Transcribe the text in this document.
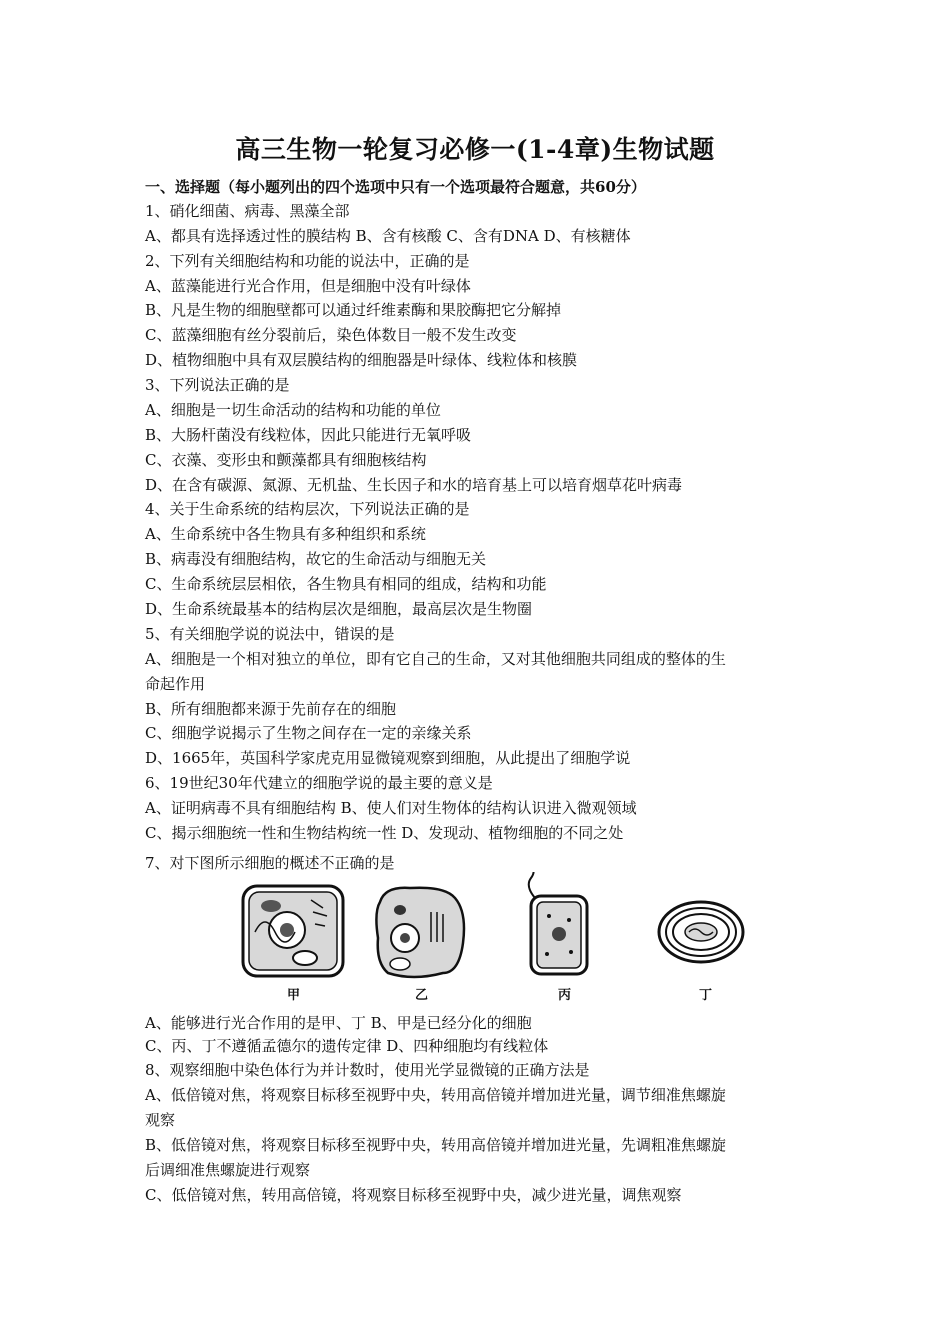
高三生物一轮复习必修一(1-4章)生物试题
一、选择题（每小题列出的四个选项中只有一个选项最符合题意，共60分）
1、硝化细菌、病毒、黑藻全部
A、都具有选择透过性的膜结构 B、含有核酸 C、含有DNA D、有核糖体
2、下列有关细胞结构和功能的说法中，正确的是
A、蓝藻能进行光合作用，但是细胞中没有叶绿体
B、凡是生物的细胞壁都可以通过纤维素酶和果胶酶把它分解掉
C、蓝藻细胞有丝分裂前后，染色体数目一般不发生改变
D、植物细胞中具有双层膜结构的细胞器是叶绿体、线粒体和核膜
3、下列说法正确的是
A、细胞是一切生命活动的结构和功能的单位
B、大肠杆菌没有线粒体，因此只能进行无氧呼吸
C、衣藻、变形虫和颤藻都具有细胞核结构
D、在含有碳源、氮源、无机盐、生长因子和水的培育基上可以培育烟草花叶病毒
4、关于生命系统的结构层次，下列说法正确的是
A、生命系统中各生物具有多种组织和系统
B、病毒没有细胞结构，故它的生命活动与细胞无关
C、生命系统层层相依，各生物具有相同的组成，结构和功能
D、生命系统最基本的结构层次是细胞，最高层次是生物圈
5、有关细胞学说的说法中，错误的是
A、细胞是一个相对独立的单位，即有它自己的生命，又对其他细胞共同组成的整体的生
命起作用
B、所有细胞都来源于先前存在的细胞
C、细胞学说揭示了生物之间存在一定的亲缘关系
D、1665年，英国科学家虎克用显微镜观察到细胞，从此提出了细胞学说
6、19世纪30年代建立的细胞学说的最主要的意义是
A、证明病毒不具有细胞结构 B、使人们对生物体的结构认识进入微观领域
C、揭示细胞统一性和生物结构统一性 D、发现动、植物细胞的不同之处
7、对下图所示细胞的概述不正确的是
甲	乙	丙	丁
A、能够进行光合作用的是甲、丁 B、甲是已经分化的细胞
C、丙、丁不遵循孟德尔的遗传定律 D、四种细胞均有线粒体
8、观察细胞中染色体行为并计数时，使用光学显微镜的正确方法是
A、低倍镜对焦，将观察目标移至视野中央，转用高倍镜并增加进光量，调节细准焦螺旋
观察
B、低倍镜对焦，将观察目标移至视野中央，转用高倍镜并增加进光量，先调粗准焦螺旋
后调细准焦螺旋进行观察
C、低倍镜对焦，转用高倍镜，将观察目标移至视野中央，减少进光量，调焦观察
